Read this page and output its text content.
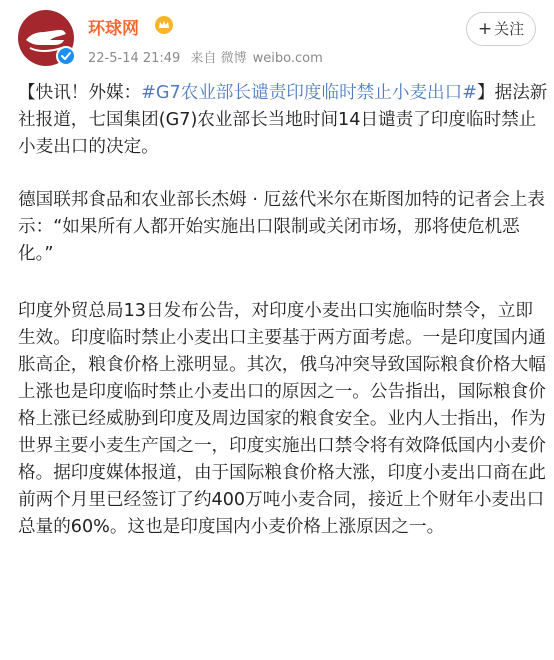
环球网
22-5-14 21:49 来自 微博 weibo.com
+ 关注

【快讯！外媒：#G7农业部长谴责印度临时禁止小麦出口#】据法新社报道，七国集团(G7)农业部长当地时间14日谴责了印度临时禁止小麦出口的决定。

德国联邦食品和农业部长杰姆 · 厄兹代米尔在斯图加特的记者会上表示：“如果所有人都开始实施出口限制或关闭市场，那将使危机恶化。”

印度外贸总局13日发布公告，对印度小麦出口实施临时禁令，立即生效。印度临时禁止小麦出口主要基于两方面考虑。一是印度国内通胀高企，粮食价格上涨明显。其次，俄乌冲突导致国际粮食价格大幅上涨也是印度临时禁止小麦出口的原因之一。公告指出，国际粮食价格上涨已经威胁到印度及周边国家的粮食安全。业内人士指出，作为世界主要小麦生产国之一，印度实施出口禁令将有效降低国内小麦价格。据印度媒体报道，由于国际粮食价格大涨，印度小麦出口商在此前两个月里已经签订了约400万吨小麦合同，接近上个财年小麦出口总量的60%。这也是印度国内小麦价格上涨原因之一。
